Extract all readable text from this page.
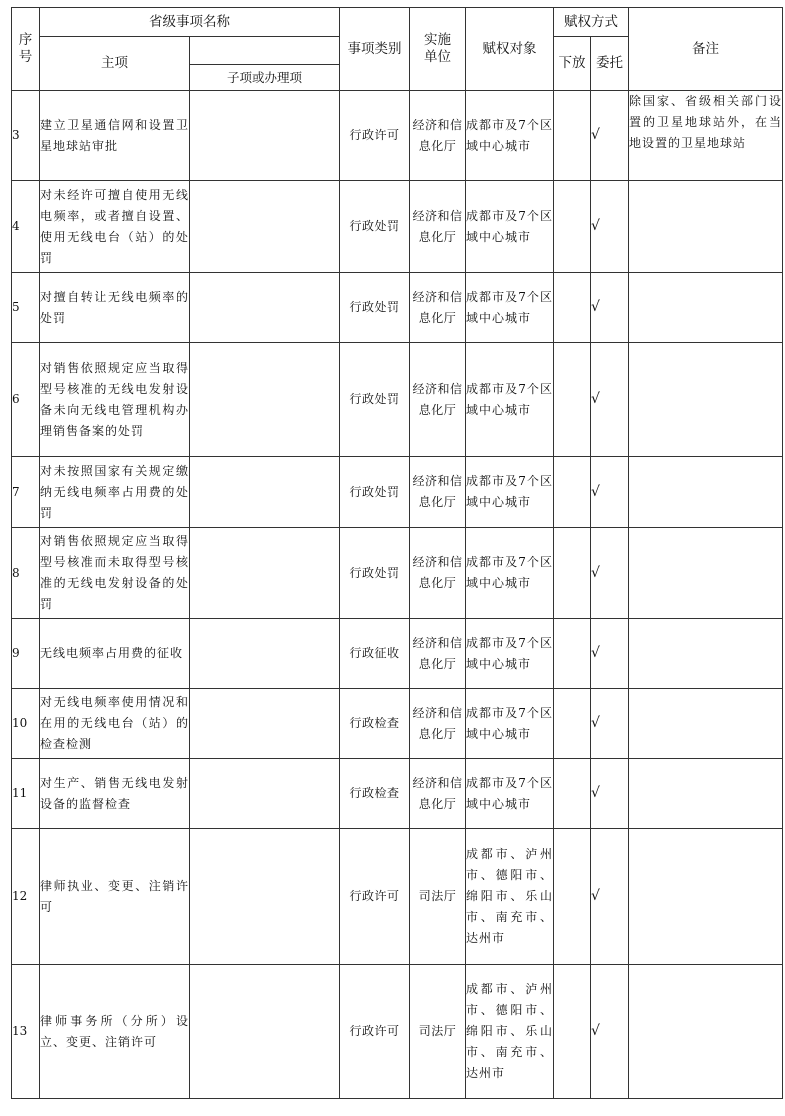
序号	省级事项名称		事项类别	实施单位	赋权对象	赋权方式		备注
	主项					下放	委托	
		子项或办理项						
3	建立卫星通信网和设置卫星地球站审批		行政许可	经济和信息化厅	成都市及7个区域中心城市		√	除国家、省级相关部门设置的卫星地球站外，在当地设置的卫星地球站
4	对未经许可擅自使用无线电频率，或者擅自设置、使用无线电台（站）的处罚		行政处罚	经济和信息化厅	成都市及7个区域中心城市		√	
5	对擅自转让无线电频率的处罚		行政处罚	经济和信息化厅	成都市及7个区域中心城市		√	
6	对销售依照规定应当取得型号核准的无线电发射设备未向无线电管理机构办理销售备案的处罚		行政处罚	经济和信息化厅	成都市及7个区域中心城市		√	
7	对未按照国家有关规定缴纳无线电频率占用费的处罚		行政处罚	经济和信息化厅	成都市及7个区域中心城市		√	
8	对销售依照规定应当取得型号核准而未取得型号核准的无线电发射设备的处罚		行政处罚	经济和信息化厅	成都市及7个区域中心城市		√	
9	无线电频率占用费的征收		行政征收	经济和信息化厅	成都市及7个区域中心城市		√	
10	对无线电频率使用情况和在用的无线电台（站）的检查检测		行政检查	经济和信息化厅	成都市及7个区域中心城市		√	
11	对生产、销售无线电发射设备的监督检查		行政检查	经济和信息化厅	成都市及7个区域中心城市		√	
12	律师执业、变更、注销许可		行政许可	司法厅	成都市、泸州市、德阳市、绵阳市、乐山市、南充市、达州市		√	
13	律师事务所（分所）设立、变更、注销许可		行政许可	司法厅	成都市、泸州市、德阳市、绵阳市、乐山市、南充市、达州市		√	
